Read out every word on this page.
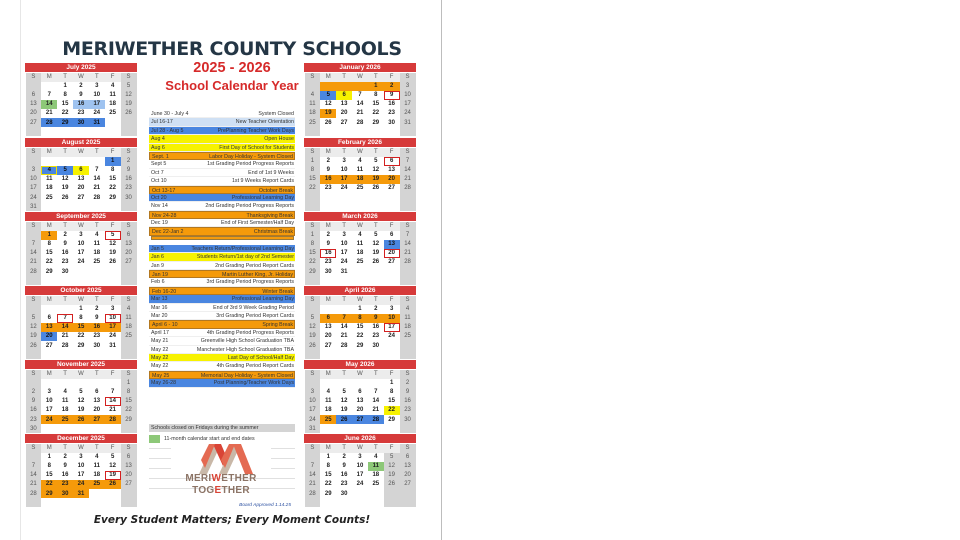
MERIWETHER COUNTY SCHOOLS
2025 - 2026
School Calendar Year
July 2025
S	M	T	W	T	F	S
		1	2	3	4	5
6	7	8	9	10	11	12
13	14	15	16	17	18	19
20	21	22	23	24	25	26
27	28	29	30	31		

August 2025
S	M	T	W	T	F	S
					1	2
3	4	5	6	7	8	9
10	11	12	13	14	15	16
17	18	19	20	21	22	23
24	25	26	27	28	29	30
31						
September 2025
S	M	T	W	T	F	S
	1	2	3	4	5	6
7	8	9	10	11	12	13
14	15	16	17	18	19	20
21	22	23	24	25	26	27
28	29	30				

October 2025
S	M	T	W	T	F	S
			1	2	3	4
5	6	7	8	9	10	11
12	13	14	15	16	17	18
19	20	21	22	23	24	25
26	27	28	29	30	31	

November 2025
S	M	T	W	T	F	S
						1
2	3	4	5	6	7	8
9	10	11	12	13	14	15
16	17	18	19	20	21	22
23	24	25	26	27	28	29
30						
December 2025
S	M	T	W	T	F	S
	1	2	3	4	5	6
7	8	9	10	11	12	13
14	15	16	17	18	19	20
21	22	23	24	25	26	27
28	29	30	31			

January 2026
S	M	T	W	T	F	S
				1	2	3
4	5	6	7	8	9	10
11	12	13	14	15	16	17
18	19	20	21	22	23	24
25	26	27	28	29	30	31

February 2026
S	M	T	W	T	F	S
1	2	3	4	5	6	7
8	9	10	11	12	13	14
15	16	17	18	19	20	21
22	23	24	25	26	27	28

March 2026
S	M	T	W	T	F	S
1	2	3	4	5	6	7
8	9	10	11	12	13	14
15	16	17	18	19	20	21
22	23	24	25	26	27	28
29	30	31				

April 2026
S	M	T	W	T	F	S
			1	2	3	4
5	6	7	8	9	10	11
12	13	14	15	16	17	18
19	20	21	22	23	24	25
26	27	28	29	30		

May 2026
S	M	T	W	T	F	S
					1	2
3	4	5	6	7	8	9
10	11	12	13	14	15	16
17	18	19	20	21	22	23
24	25	26	27	28	29	30
31						
June 2026
S	M	T	W	T	F	S
	1	2	3	4	5	6
7	8	9	10	11	12	13
14	15	16	17	18	19	20
21	22	23	24	25	26	27
28	29	30				

June 30 - July 4	System Closed
Jul 16-17	New Teacher Orientation
Jul 28 - Aug 5	PrePlanning Teacher Work Days
Aug 4	Open House
Aug 6	First Day of School for Students
Sept. 1	Labor Day Holiday - System Closed
Sept 5	1st Grading Period Progress Reports
Oct 7	End of 1st 9 Weeks
Oct 10	1st 9 Weeks Report Cards
Oct 13-17	October Break
Oct 20	Professional Learning Day
Nov 14	2nd Grading Period Progress Reports
Nov 24-28	Thanksgiving Break
Dec 19	End of First Semester/Half Day
Dec 22-Jan 2	Christmas Break
Jan 5	Teachers Return/Professional Learning Day
Jan 6	Students Return/1st day of 2nd Semester
Jan 9	2nd Grading Period Report Cards
Jan 19	Martin Luther King, Jr. Holiday
Feb 6	3rd Grading Period Progress Reports
Feb 16-20	Winter Break
Mar 13	Professional Learning Day
Mar 16	End of 3rd 9 Week Grading Period
Mar 20	3rd Grading Period Report Cards
April 6 - 10	Spring Break
April 17	4th Grading Period Progress Reports
May 21	Greenville High School Graduation TBA
May 22	Manchester High School Graduation TBA
May 22	Last Day of School/Half Day
May 22	4th Grading Period Report Cards
May 25	Memorial Day Holiday - System Closed
May 26-28	Post Planning/Teacher Work Days
Schools closed on Fridays during the summer
11-month calendar start and end dates
MERIWETHER
TOGETHER
Board Approved 1.14.25
Every Student Matters; Every Moment Counts!
